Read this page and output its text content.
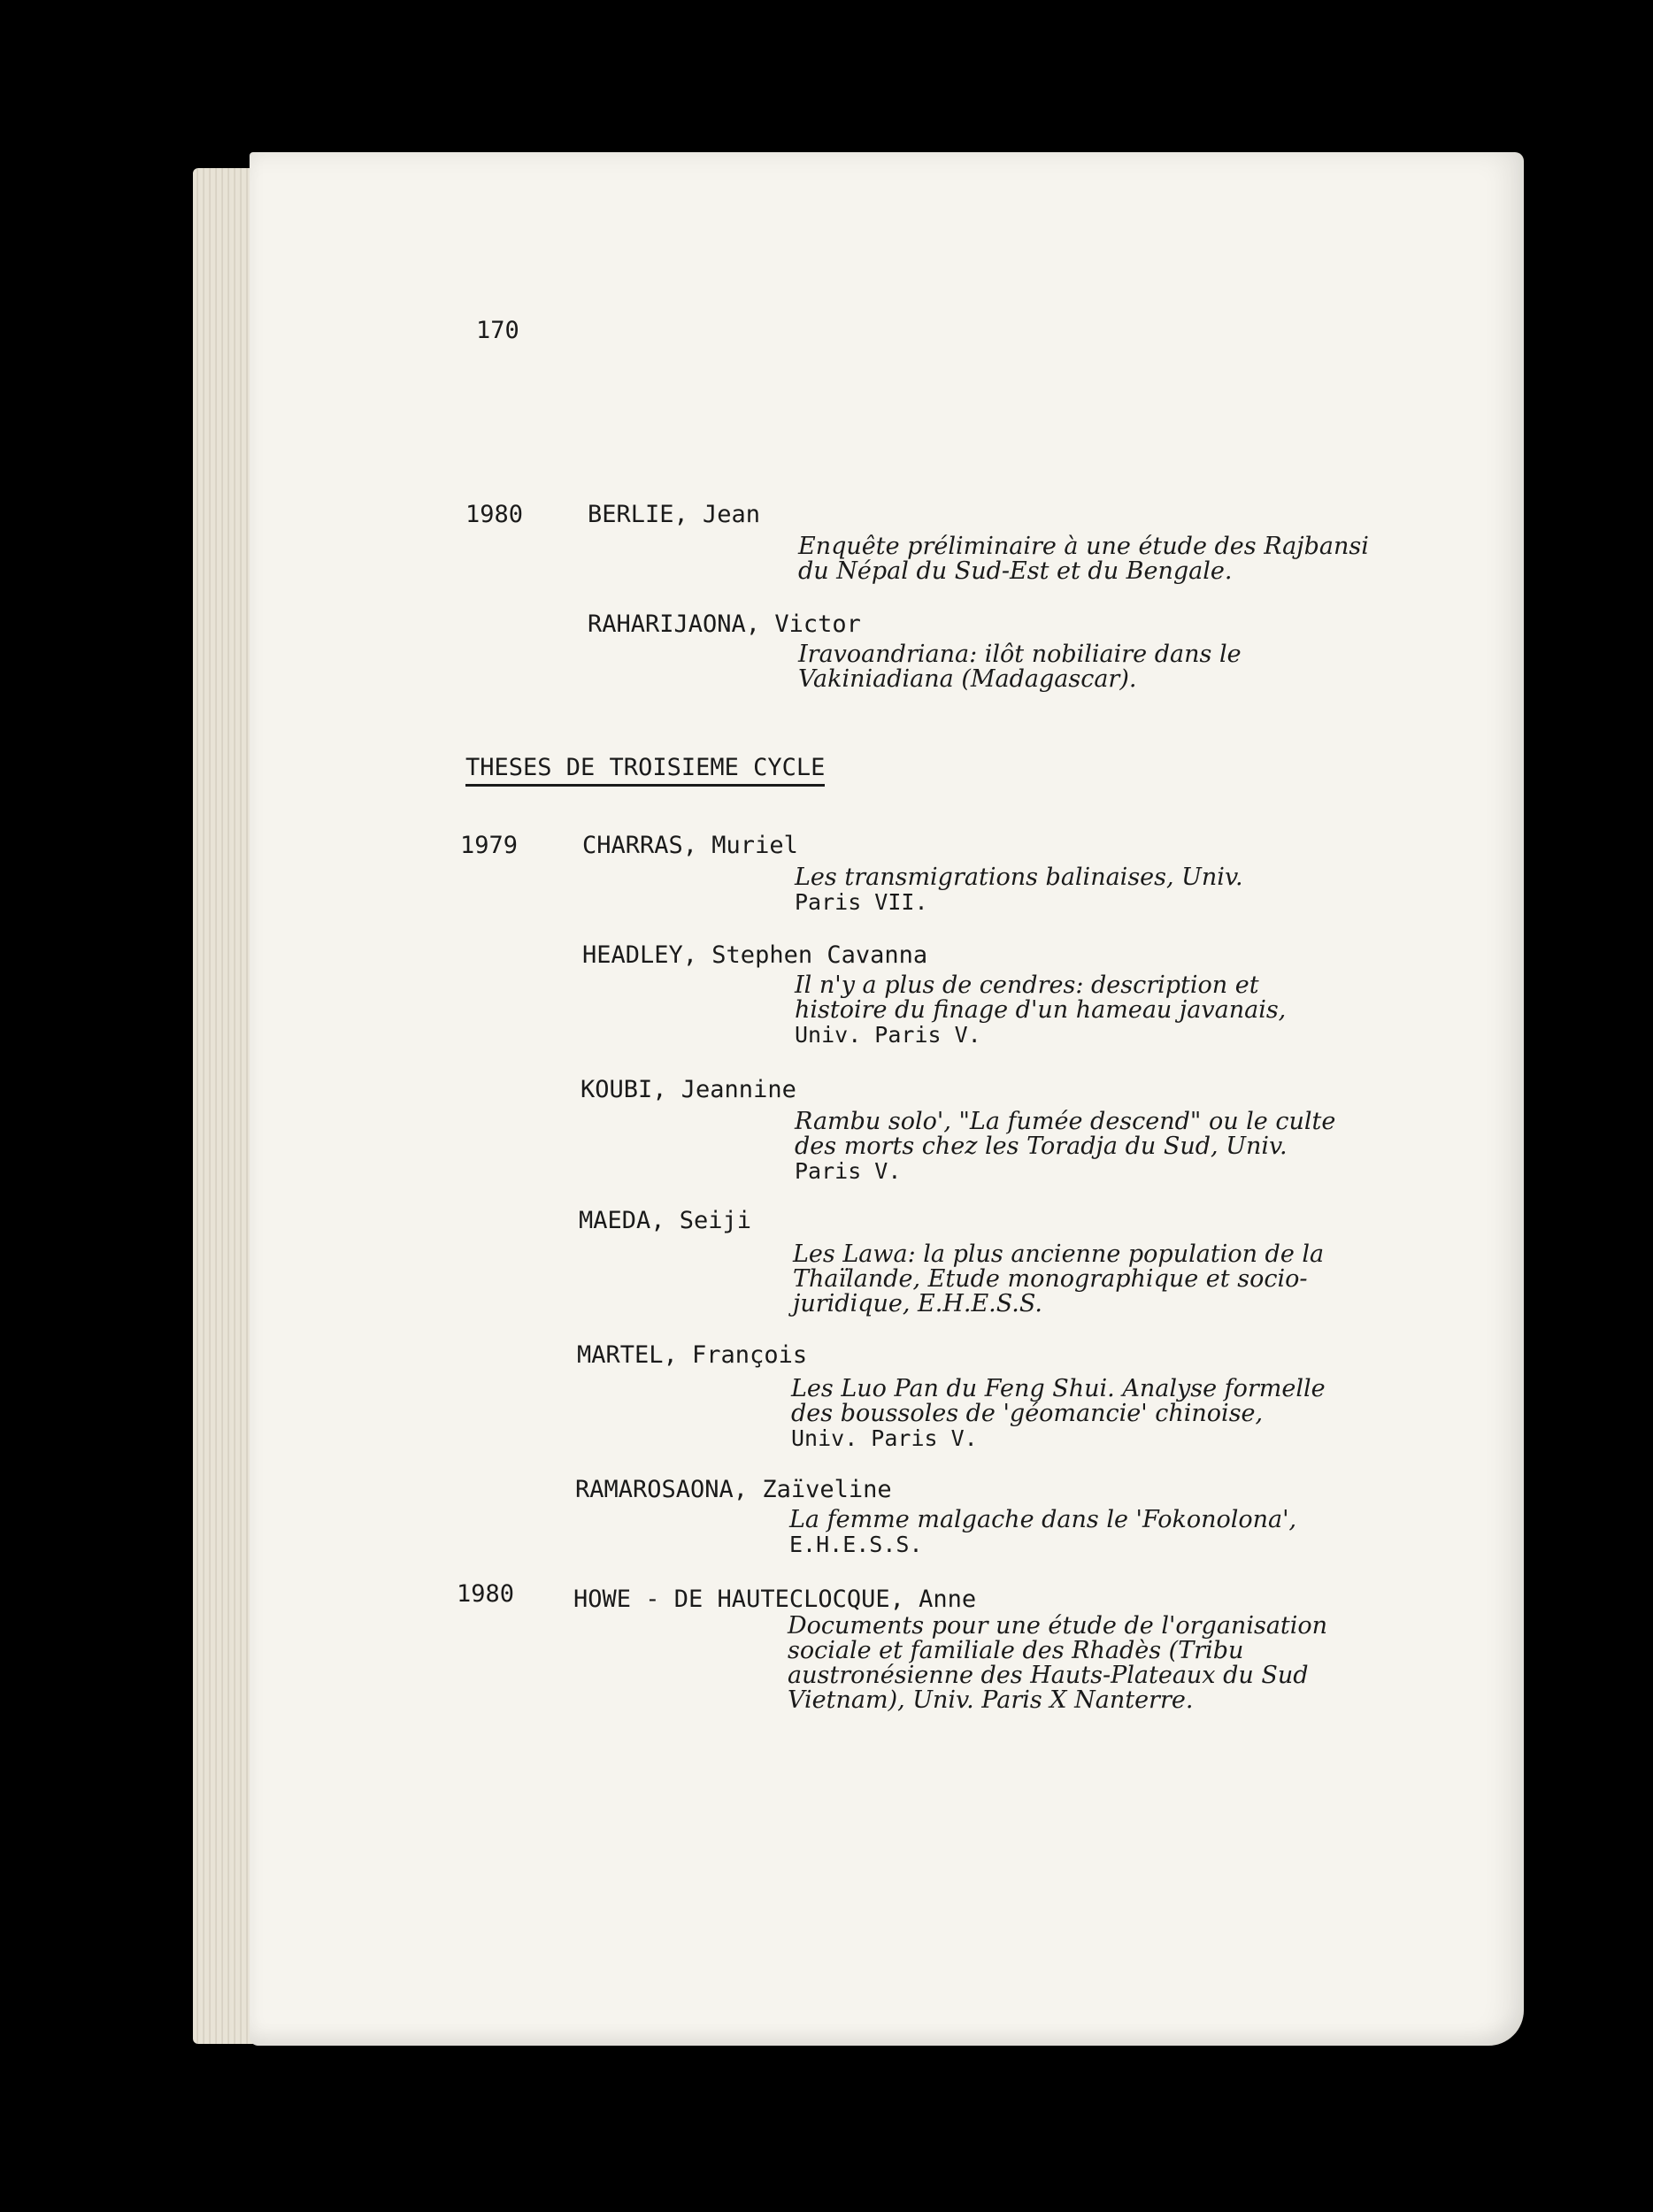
170
1980	BERLIE, Jean
Enquête préliminaire à une étude des Rajbansi
du Népal du Sud-Est et du Bengale.
RAHARIJAONA, Victor
Iravoandriana: ilôt nobiliaire dans le
Vakiniadiana (Madagascar).
THESES DE TROISIEME CYCLE
1979	CHARRAS, Muriel
Les transmigrations balinaises, Univ.
Paris VII.
HEADLEY, Stephen Cavanna
Il n'y a plus de cendres: description et
histoire du finage d'un hameau javanais,
Univ. Paris V.
KOUBI, Jeannine
Rambu solo', "La fumée descend" ou le culte
des morts chez les Toradja du Sud, Univ.
Paris V.
MAEDA, Seiji
Les Lawa: la plus ancienne population de la
Thaïlande, Etude monographique et socio-
juridique, E.H.E.S.S.
MARTEL, François
Les Luo Pan du Feng Shui. Analyse formelle
des boussoles de 'géomancie' chinoise,
Univ. Paris V.
RAMAROSAONA, Zaïveline
La femme malgache dans le 'Fokonolona',
E.H.E.S.S.
1980 HOWE - DE HAUTECLOCQUE, Anne
Documents pour une étude de l'organisation
sociale et familiale des Rhadès (Tribu
austronésienne des Hauts-Plateaux du Sud
Vietnam), Univ. Paris X Nanterre.
